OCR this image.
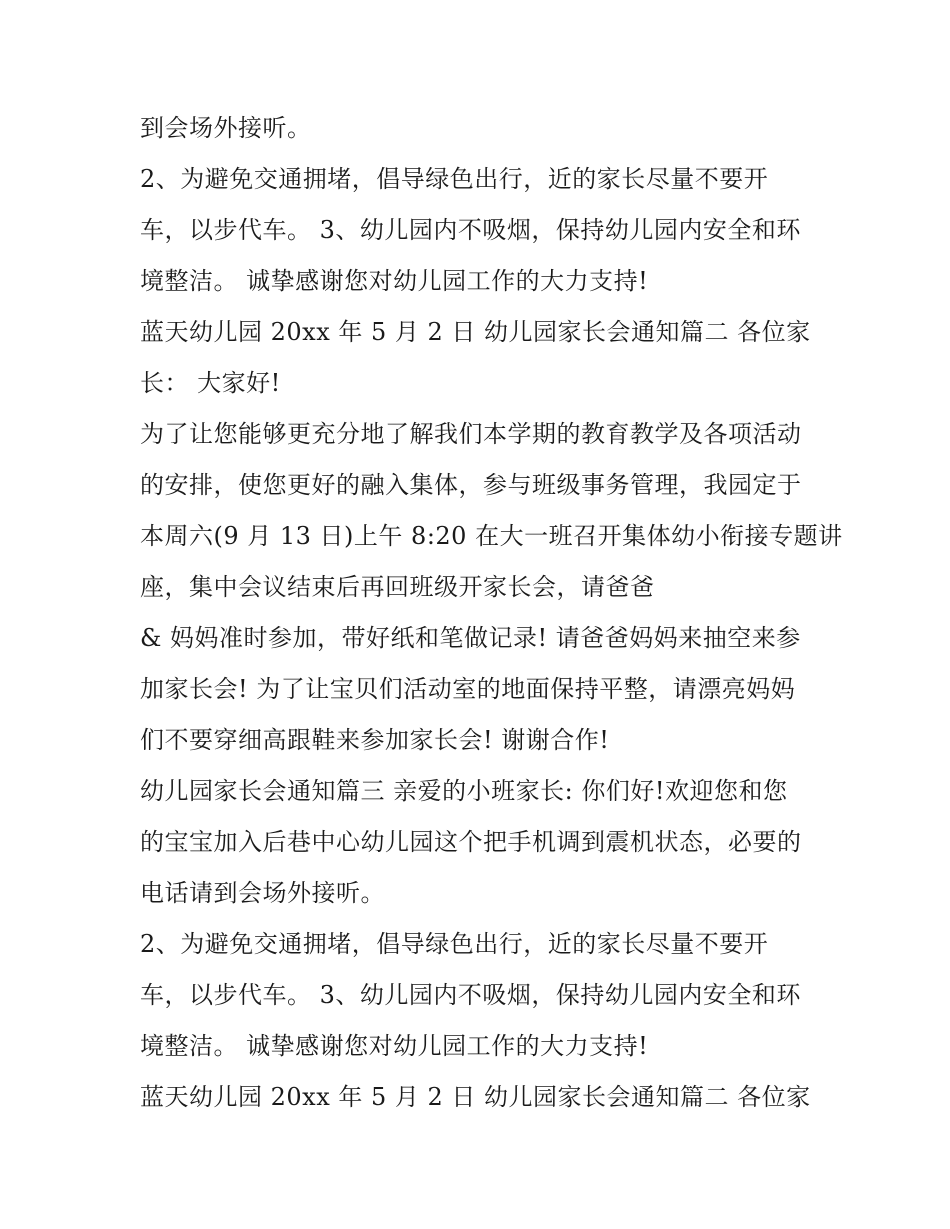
到会场外接听。
2、为避免交通拥堵，倡导绿色出行，近的家长尽量不要开
车，以步代车。 3、幼儿园内不吸烟，保持幼儿园内安全和环
境整洁。 诚挚感谢您对幼儿园工作的大力支持!
蓝天幼儿园 20xx 年 5 月 2 日 幼儿园家长会通知篇二 各位家
长： 大家好!
为了让您能够更充分地了解我们本学期的教育教学及各项活动
的安排，使您更好的融入集体，参与班级事务管理，我园定于
本周六(9 月 13 日)上午 8:20 在大一班召开集体幼小衔接专题讲
座，集中会议结束后再回班级开家长会，请爸爸
& 妈妈准时参加，带好纸和笔做记录! 请爸爸妈妈来抽空来参
加家长会! 为了让宝贝们活动室的地面保持平整，请漂亮妈妈
们不要穿细高跟鞋来参加家长会! 谢谢合作!
幼儿园家长会通知篇三 亲爱的小班家长: 你们好!欢迎您和您
的宝宝加入后巷中心幼儿园这个把手机调到震机状态，必要的
电话请到会场外接听。
2、为避免交通拥堵，倡导绿色出行，近的家长尽量不要开
车，以步代车。 3、幼儿园内不吸烟，保持幼儿园内安全和环
境整洁。 诚挚感谢您对幼儿园工作的大力支持!
蓝天幼儿园 20xx 年 5 月 2 日 幼儿园家长会通知篇二 各位家
